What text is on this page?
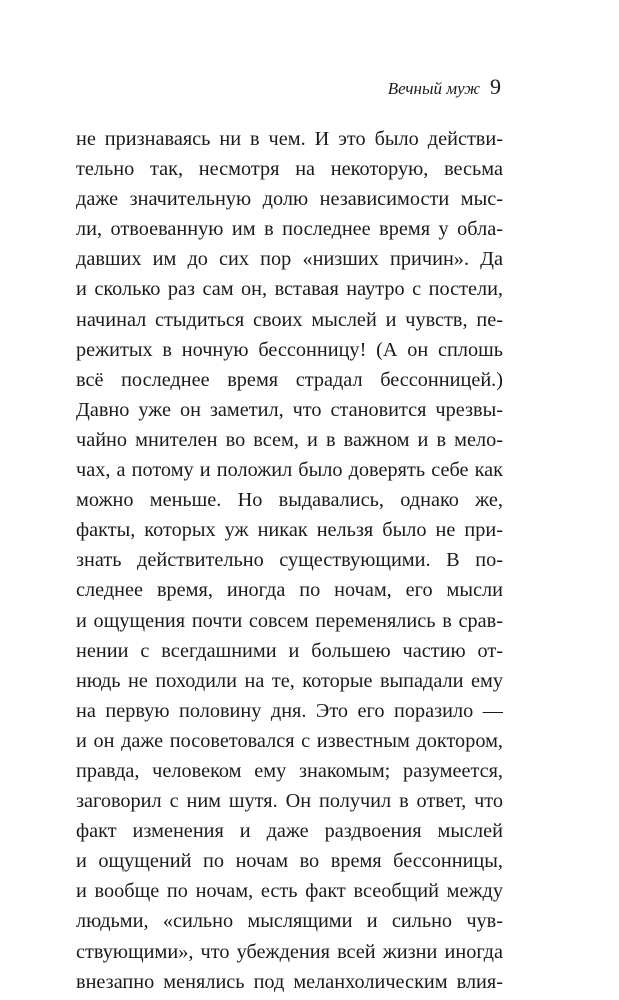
Вечный муж 9
не признаваясь ни в чем. И это было действи-
тельно так, несмотря на некоторую, весьма
даже значительную долю независимости мыс-
ли, отвоеванную им в последнее время у обла-
давших им до сих пор «низших причин». Да
и сколько раз сам он, вставая наутро с постели,
начинал стыдиться своих мыслей и чувств, пе-
режитых в ночную бессонницу! (А он сплошь
всё последнее время страдал бессонницей.)
Давно уже он заметил, что становится чрезвы-
чайно мнителен во всем, и в важном и в мело-
чах, а потому и положил было доверять себе как
можно меньше. Но выдавались, однако же,
факты, которых уж никак нельзя было не при-
знать действительно существующими. В по-
следнее время, иногда по ночам, его мысли
и ощущения почти совсем переменялись в срав-
нении с всегдашними и большею частию от-
нюдь не походили на те, которые выпадали ему
на первую половину дня. Это его поразило —
и он даже посоветовался с известным доктором,
правда, человеком ему знакомым; разумеется,
заговорил с ним шутя. Он получил в ответ, что
факт изменения и даже раздвоения мыслей
и ощущений по ночам во время бессонницы,
и вообще по ночам, есть факт всеобщий между
людьми, «сильно мыслящими и сильно чув-
ствующими», что убеждения всей жизни иногда
внезапно менялись под меланхолическим влия-
